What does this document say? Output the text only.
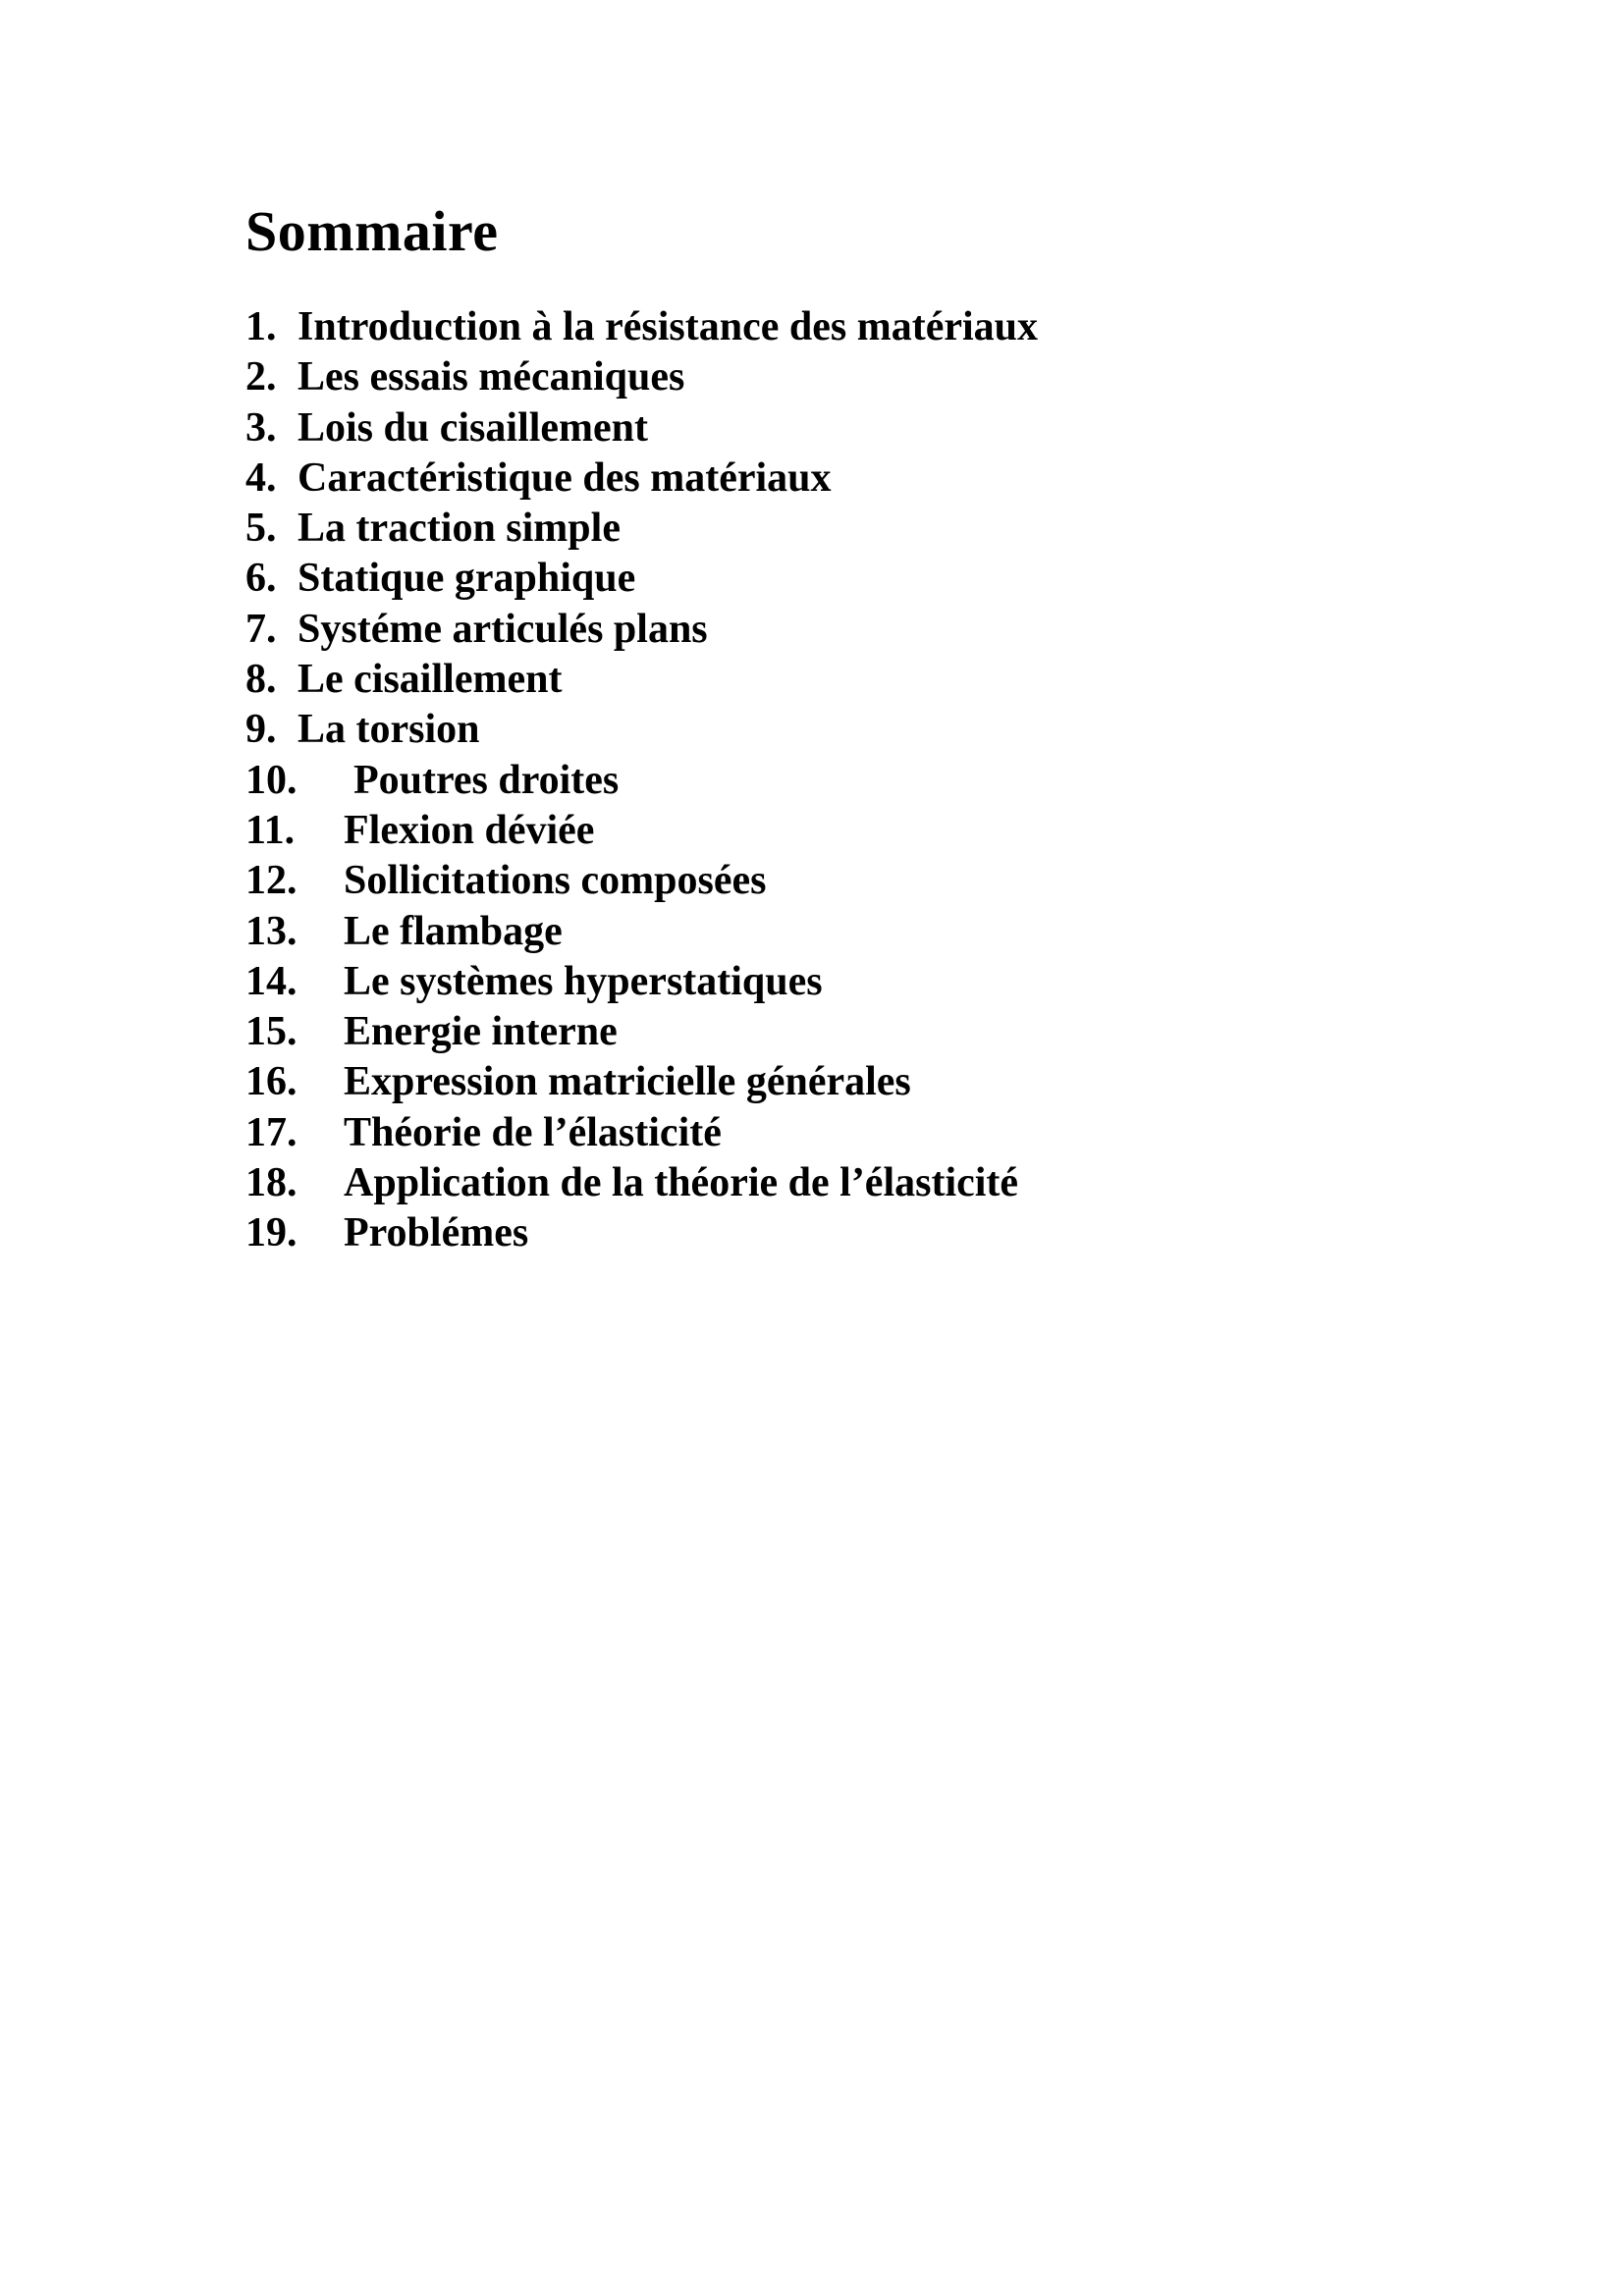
Sommaire
1. Introduction à la résistance des matériaux
2. Les essais mécaniques
3. Lois du cisaillement
4. Caractéristique des matériaux
5. La traction simple
6. Statique graphique
7. Systéme articulés plans
8. Le cisaillement
9. La torsion
10.	Poutres droites
11.	Flexion déviée
12.	Sollicitations composées
13.	Le flambage
14.	Le systèmes hyperstatiques
15.	Energie interne
16.	Expression matricielle générales
17.	Théorie de l’élasticité
18.	Application de la théorie de l’élasticité
19.	Problémes
